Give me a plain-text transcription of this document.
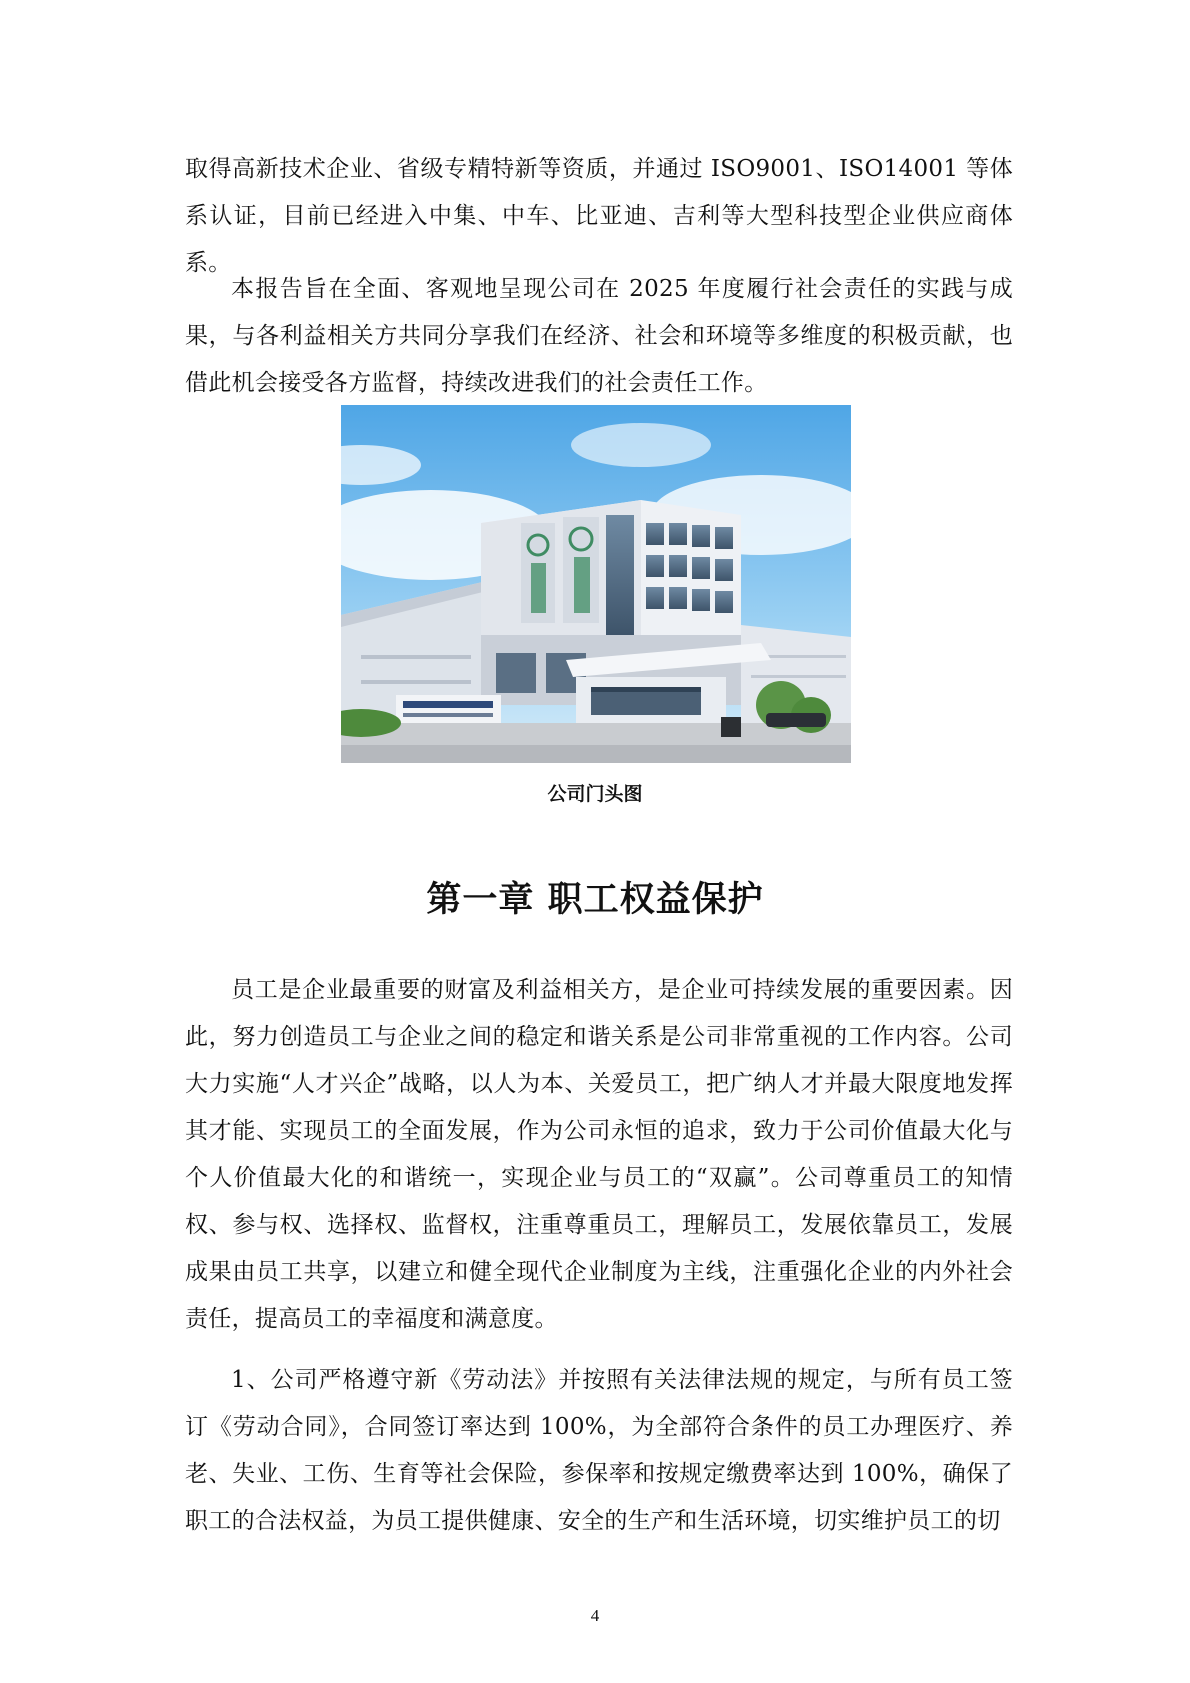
取得高新技术企业、省级专精特新等资质，并通过 ISO9001、ISO14001 等体系认证，目前已经进入中集、中车、比亚迪、吉利等大型科技型企业供应商体系。

本报告旨在全面、客观地呈现公司在 2025 年度履行社会责任的实践与成果，与各利益相关方共同分享我们在经济、社会和环境等多维度的积极贡献，也借此机会接受各方监督，持续改进我们的社会责任工作。

公司门头图
第一章 职工权益保护

员工是企业最重要的财富及利益相关方，是企业可持续发展的重要因素。因此，努力创造员工与企业之间的稳定和谐关系是公司非常重视的工作内容。公司大力实施“人才兴企”战略，以人为本、关爱员工，把广纳人才并最大限度地发挥其才能、实现员工的全面发展，作为公司永恒的追求，致力于公司价值最大化与个人价值最大化的和谐统一，实现企业与员工的“双赢”。公司尊重员工的知情权、参与权、选择权、监督权，注重尊重员工，理解员工，发展依靠员工，发展成果由员工共享，以建立和健全现代企业制度为主线，注重强化企业的内外社会责任，提高员工的幸福度和满意度。

1、公司严格遵守新《劳动法》并按照有关法律法规的规定，与所有员工签订《劳动合同》，合同签订率达到 100%，为全部符合条件的员工办理医疗、养老、失业、工伤、生育等社会保险，参保率和按规定缴费率达到 100%，确保了职工的合法权益，为员工提供健康、安全的生产和生活环境，切实维护员工的切

4
